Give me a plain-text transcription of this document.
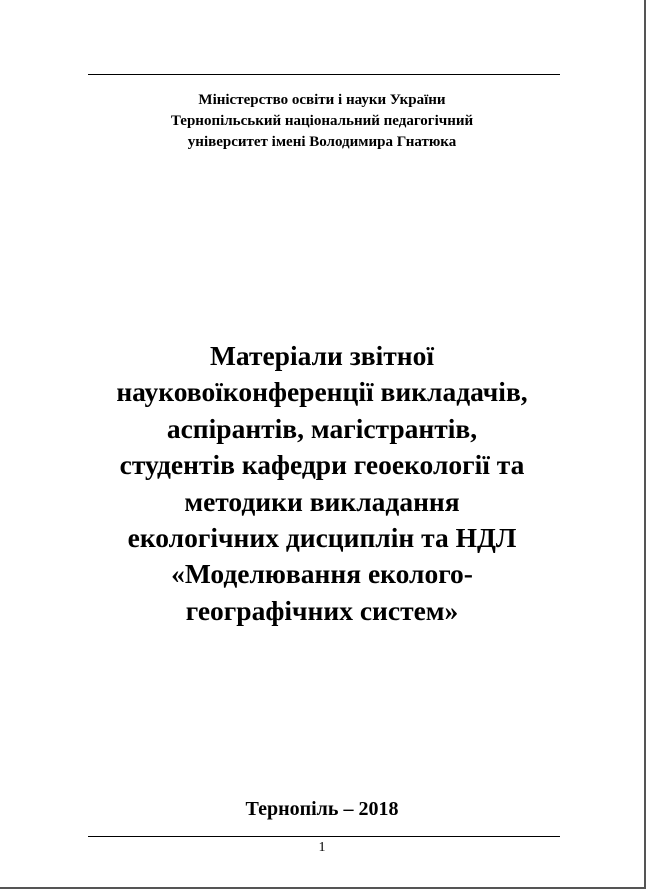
Міністерство освіти і науки України
Тернопільський національний педагогічний
університет імені Володимира Гнатюка
Матеріали звітної
науковоїконференції викладачів,
аспірантів, магістрантів,
студентів кафедри геоекології та
методики викладання
екологічних дисциплін та НДЛ
«Моделювання еколого-
географічних систем»
Тернопіль – 2018
1
